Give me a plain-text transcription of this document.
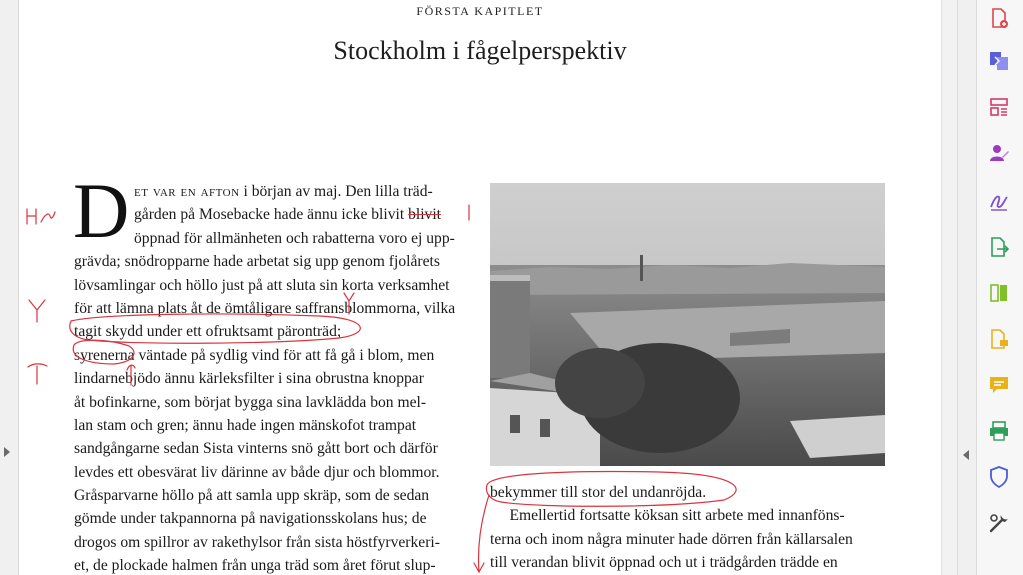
FÖRSTA KAPITLET
Stockholm i fågelperspektiv
D et var en afton i början av maj. Den lilla träd-
gården på Mosebacke hade ännu icke blivit blivit
öppnad för allmänheten och rabatterna voro ej upp-
grävda; snödropparne hade arbetat sig upp genom fjolårets
lövsamlingar och höllo just på att sluta sin korta verksamhet
för att lämna plats åt de ömtåligare saffransblommorna, vilka
tagit skydd under ett ofruktsamt päronträd;
syrenerna väntade på sydlig vind för att få gå i blom, men
lindarnebjödo ännu kärleksfilter i sina obrustna knoppar
åt bofinkarne, som börjat bygga sina lavklädda bon mel-
lan stam och gren; ännu hade ingen mänskofot trampat
sandgångarne sedan Sista vinterns snö gått bort och därför
levdes ett obesvärat liv därinne av både djur och blommor.
Gråsparvarne höllo på att samla upp skräp, som de sedan
gömde under takpannorna på navigationsskolans hus; de
drogos om spillror av rakethylsor från sista höstfyrverkeri-
et, de plockade halmen från unga träd som året förut slup-
bekymmer till stor del undanröjda.
Emellertid fortsatte köksan sitt arbete med innanföns-
terna och inom några minuter hade dörren från källarsalen
till verandan blivit öppnad och ut i trädgården trädde en
